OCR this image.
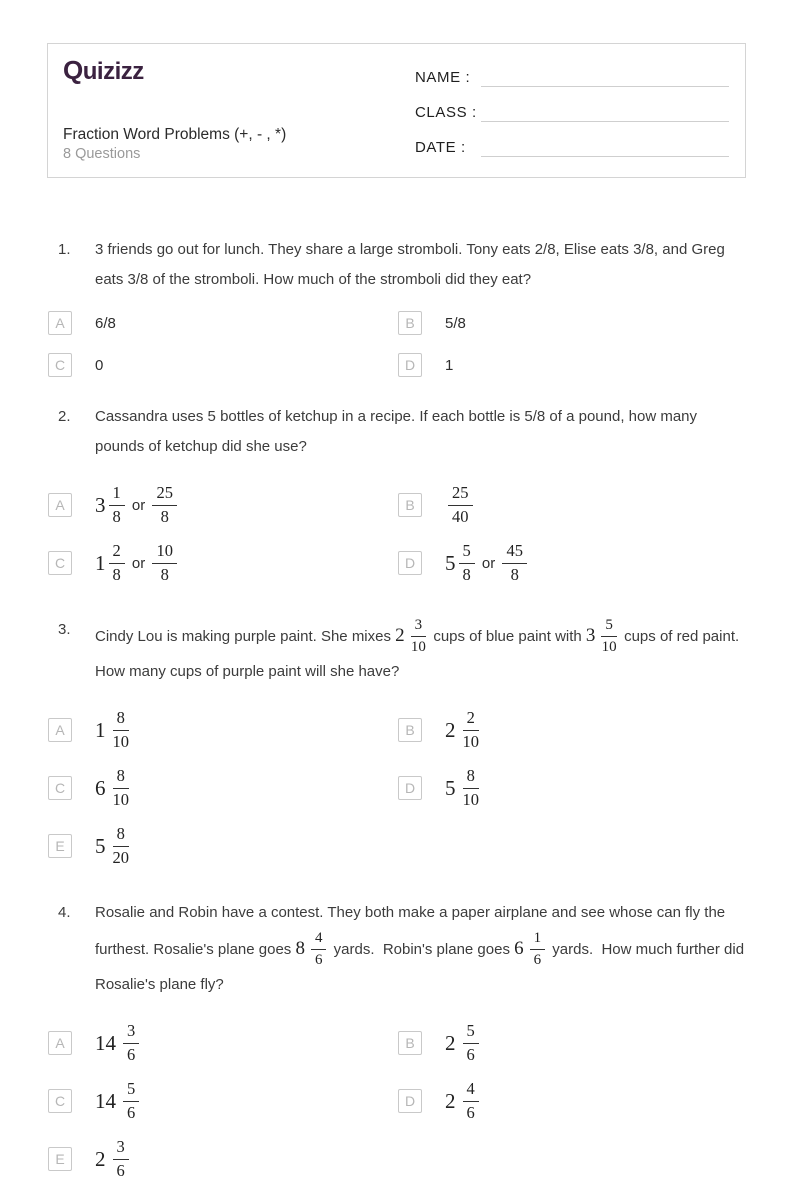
Quizizz
Fraction Word Problems (+, - , *)
8 Questions
NAME :
CLASS :
DATE :
1.	3 friends go out for lunch. They share a large stromboli. Tony eats 2/8, Elise eats 3/8, and Greg eats 3/8 of the stromboli. How much of the stromboli did they eat?
A	6/8	B	5/8
C	0	D	1
2.	Cassandra uses 5 bottles of ketchup in a recipe. If each bottle is 5/8 of a pound, how many pounds of ketchup did she use?
A	$3 \frac{1}{8}$ or $\frac{25}{8}$	B	$\frac{25}{40}$
C	$1 \frac{2}{8}$ or $\frac{10}{8}$	D	$5 \frac{5}{8}$ or $\frac{45}{8}$
3.	Cindy Lou is making purple paint. She mixes $2 \frac{3}{10}$ cups of blue paint with $3 \frac{5}{10}$ cups of red paint.  How many cups of purple paint will she have?
A	$1 \frac{8}{10}$	B	$2 \frac{2}{10}$
C	$6 \frac{8}{10}$	D	$5 \frac{8}{10}$
E	$5 \frac{8}{20}$
4.	Rosalie and Robin have a contest. They both make a paper airplane and see whose can fly the furthest. Rosalie's plane goes $8 \frac{4}{6}$ yards.  Robin's plane goes $6 \frac{1}{6}$ yards.  How much further did Rosalie's plane fly?
A	$14 \frac{3}{6}$	B	$2 \frac{5}{6}$
C	$14 \frac{5}{6}$	D	$2 \frac{4}{6}$
E	$2 \frac{3}{6}$
